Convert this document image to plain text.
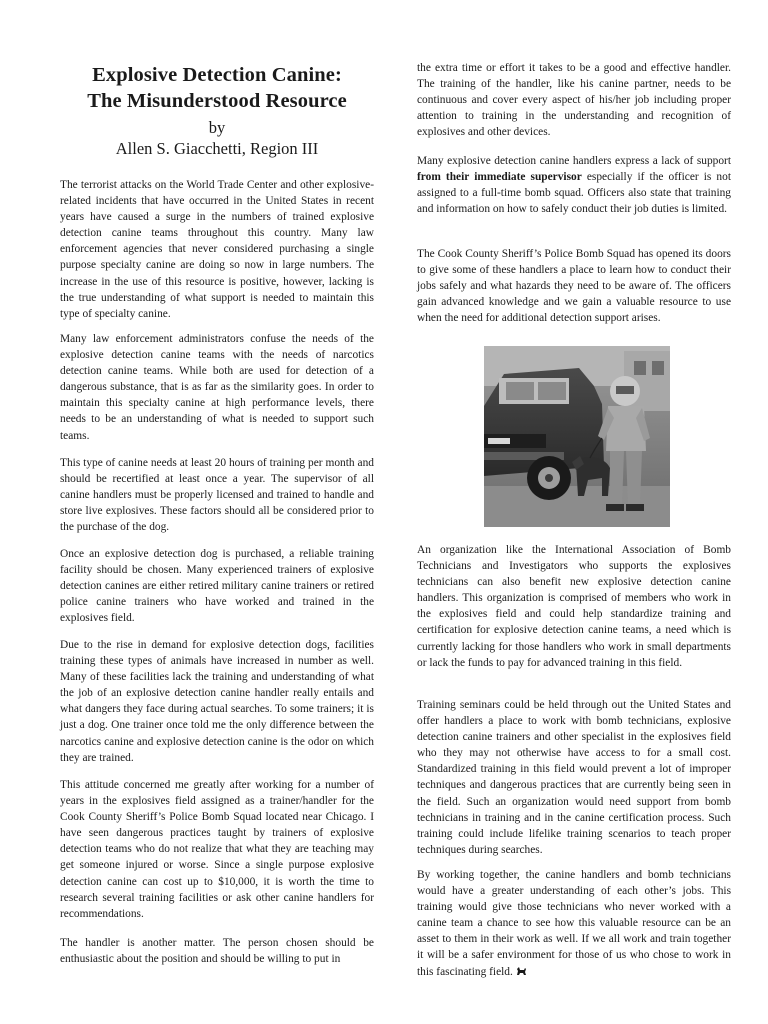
Explosive Detection Canine:
The Misunderstood Resource
by
Allen S. Giacchetti, Region III

The terrorist attacks on the World Trade Center and other explosive-related incidents that have occurred in the United States in recent years have caused a surge in the numbers of trained explosive detection canine teams throughout this country. Many law enforcement agencies that never considered purchasing a single purpose specialty canine are doing so now in large numbers. The increase in the use of this resource is positive, however, lacking is the true understanding of what support is needed to maintain this type of specialty canine.

Many law enforcement administrators confuse the needs of the explosive detection canine teams with the needs of narcotics detection canine teams. While both are used for detection of a dangerous substance, that is as far as the similarity goes. In order to maintain this specialty canine at high performance levels, there needs to be an understanding of what is needed to support such teams.

This type of canine needs at least 20 hours of training per month and should be recertified at least once a year. The supervisor of all canine handlers must be properly licensed and trained to handle and store live explosives. These factors should all be considered prior to the purchase of the dog.

Once an explosive detection dog is purchased, a reliable training facility should be chosen. Many experienced trainers of explosive detection canines are either retired military canine trainers or retired police canine trainers who have worked and trained in the explosives field.

Due to the rise in demand for explosive detection dogs, facilities training these types of animals have increased in number as well. Many of these facilities lack the training and understanding of what the job of an explosive detection canine handler really entails and what dangers they face during actual searches. To some trainers; it is just a dog. One trainer once told me the only difference between the narcotics canine and explosive detection canine is the odor on which they are trained.

This attitude concerned me greatly after working for a number of years in the explosives field assigned as a trainer/handler for the Cook County Sheriff’s Police Bomb Squad located near Chicago. I have seen dangerous practices taught by trainers of explosive detection teams who do not realize that what they are teaching may get someone injured or worse. Since a single purpose explosive detection canine can cost up to $10,000, it is worth the time to research several training facilities or ask other canine handlers for recommendations.

The handler is another matter. The person chosen should be enthusiastic about the position and should be willing to put in

the extra time or effort it takes to be a good and effective handler. The training of the handler, like his canine partner, needs to be continuous and cover every aspect of his/her job including proper attention to training in the understanding and recognition of explosives and other devices.

Many explosive detection canine handlers express a lack of support from their immediate supervisor especially if the officer is not assigned to a full-time bomb squad. Officers also state that training and information on how to safely conduct their job duties is limited.

The Cook County Sheriff’s Police Bomb Squad has opened its doors to give some of these handlers a place to learn how to conduct their jobs safely and what hazards they need to be aware of. The officers gain advanced knowledge and we gain a valuable resource to use when the need for additional detection support arises.

An organization like the International Association of Bomb Technicians and Investigators who supports the explosives technicians can also benefit new explosive detection canine handlers. This organization is comprised of members who work in the explosives field and could help standardize training and certification for explosive detection canine teams, a need which is currently lacking for those handlers who work in small departments or lack the funds to pay for advanced training in this field.

Training seminars could be held through out the United States and offer handlers a place to work with bomb technicians, explosive detection canine trainers and other specialist in the explosives field who they may not otherwise have access to for a small cost. Standardized training in this field would prevent a lot of improper techniques and dangerous practices that are currently being seen in the field. Such an organization would need support from bomb technicians in training and in the canine certification process. Such training could include lifelike training scenarios to teach proper techniques during searches.

By working together, the canine handlers and bomb technicians would have a greater understanding of each other’s jobs. This training would give those technicians who never worked with a canine team a chance to see how this valuable resource can be an asset to them in their work as well. If we all work and train together it will be a safer environment for those of us who chose to work in this fascinating field.
